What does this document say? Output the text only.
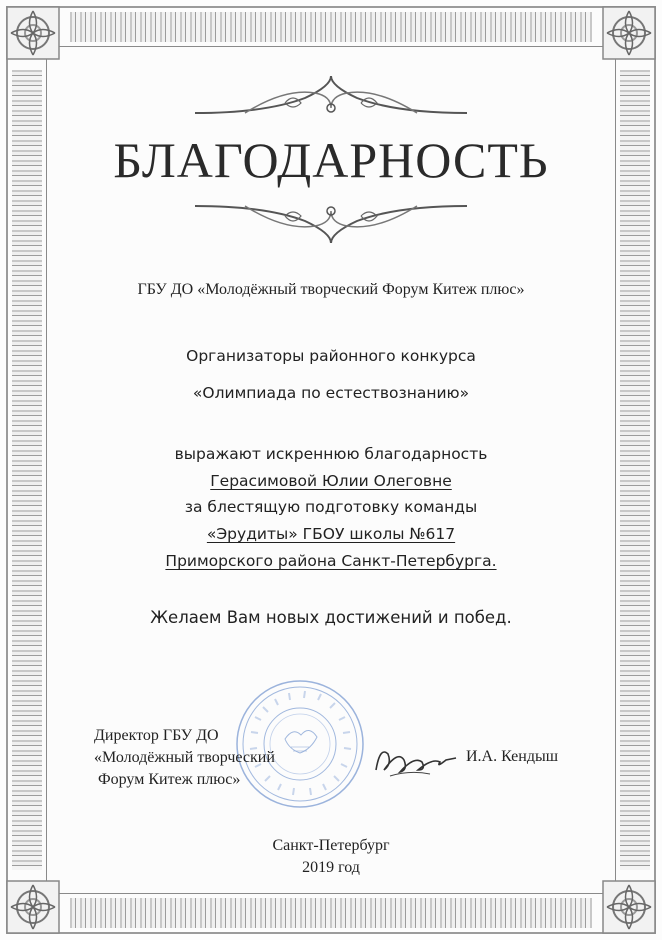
БЛАГОДАРНОСТЬ
ГБУ ДО «Молодёжный творческий Форум Китеж плюс»
Организаторы районного конкурса
«Олимпиада по естествознанию»
выражают искреннюю благодарность
Герасимовой Юлии Олеговне
за блестящую подготовку команды
«Эрудиты» ГБОУ школы №617
Приморского района Санкт-Петербурга.
Желаем Вам новых достижений и побед.
Директор ГБУ ДО
«Молодёжный творческий
Форум Китеж плюс»
И.А. Кендыш
Санкт-Петербург
2019 год
